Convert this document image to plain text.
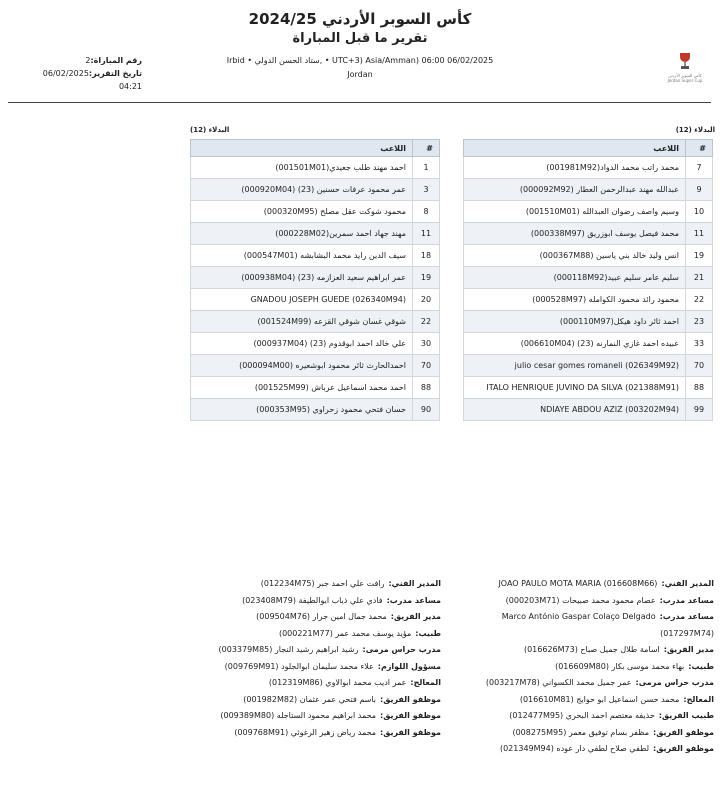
كأس السوبر الأردني 2024/25
تقرير ما قبل المباراة
Irbid • ستاد الحسن الدولي, • UTC+3) Asia/Amman) 06:00 06/02/2025
Jordan
رقم المباراة:2
تاريخ التقرير:06/02/2025
04:21
كأس السوبر الأردني
Jordan Super Cup
البدلاء (12)
البدلاء (12)
#	اللاعب
7	محمد راتب محمد الدواد(001981M92)
9	عبدالله مهند عبدالرحمن العطار (000092M92)
10	وسيم واصف رضوان العبدالله (001510M01)
11	محمد فيصل يوسف ابوزريق (000338M97)
19	انس وليد خالد بني ياسين (000367M88)
21	سليم عامر سليم عبيد(000118M92)
22	محمود رائد محمود الكوامله (000528M97)
23	احمد ثائر داود هيكل(000110M97)
33	عبيده احمد غازي النمارنه (23) (006610M04)
70	julio cesar gomes romaneli (026349M92)
88	ITALO HENRIQUE JUVINO DA SILVA (021388M91)
99	NDIAYE ABDOU AZIZ (003202M94)
#	اللاعب
1	احمد مهند طلب جعيدي(001501M01)
3	عمر محمود عرفات حسنين (23) (000920M04)
8	محمود شوكت عقل مصلح (000320M95)
11	مهند جهاد احمد سمرين(000228M02)
18	سيف الدين رايد محمد البشابشه (000547M01)
19	عمر ابراهيم سعيد العزازمه (23) (000938M04)
20	GNADOU JOSEPH GUEDE (026340M94)
22	شوقي غسان شوقي القزعه (001524M99)
30	علي خالد احمد ابوقدوم (23) (000937M04)
70	احمدالحارث ثائر محمود ابوشعيره (000094M00)
88	احمد محمد اسماعيل عرباش (001525M99)
90	حسان فتحي محمود زحراوي (000353M95)
المدير الفني:JOAO PAULO MOTA MARIA (016608M66)
مساعد مدرب:عصام محمود محمد صبيحات (000203M71)
مساعد مدرب:Marco António Gaspar Colaço Delgado (017297M74)
مدير الفريق:اسامة طلال جميل صباح (016626M73)
طبيب:بهاء محمد موسى بكار (016609M80)
مدرب حراس مرمى:عمر جميل محمد الكسواني (003217M78)
المعالج:محمد حسن اسماعيل ابو حوايج (016610M81)
طبيب الفريق:حذيفه معتصم احمد البحري (012477M95)
موظفو الفريق:مظفر بسام توفيق معمر (008275M95)
موظفو الفريق:لطفي صلاح لطفي دار عوده (021349M94)
المدير الفني:رافت علي احمد جبر (012234M75)
مساعد مدرب:فادي علي ذياب ابوالطيفة (023408M79)
مدير الفريق:محمد جمال امين جرار (009504M76)
طبيب:مؤيد يوسف محمد عمر (000221M77)
مدرب حراس مرمى:رشيد ابراهيم رشيد النجار (003379M85)
مسؤول اللوازم:علاء محمد سليمان ابوالجلود (009769M91)
المعالج:عمر اديب محمد ابوالاوي (012319M86)
موظفو الفريق:باسم فتحي عمر عثمان (001982M82)
موظفو الفريق:محمد ابراهيم محمود الستاجله (009389M80)
موظفو الفريق:محمد رياض زهير الرغوثي (009768M91)
